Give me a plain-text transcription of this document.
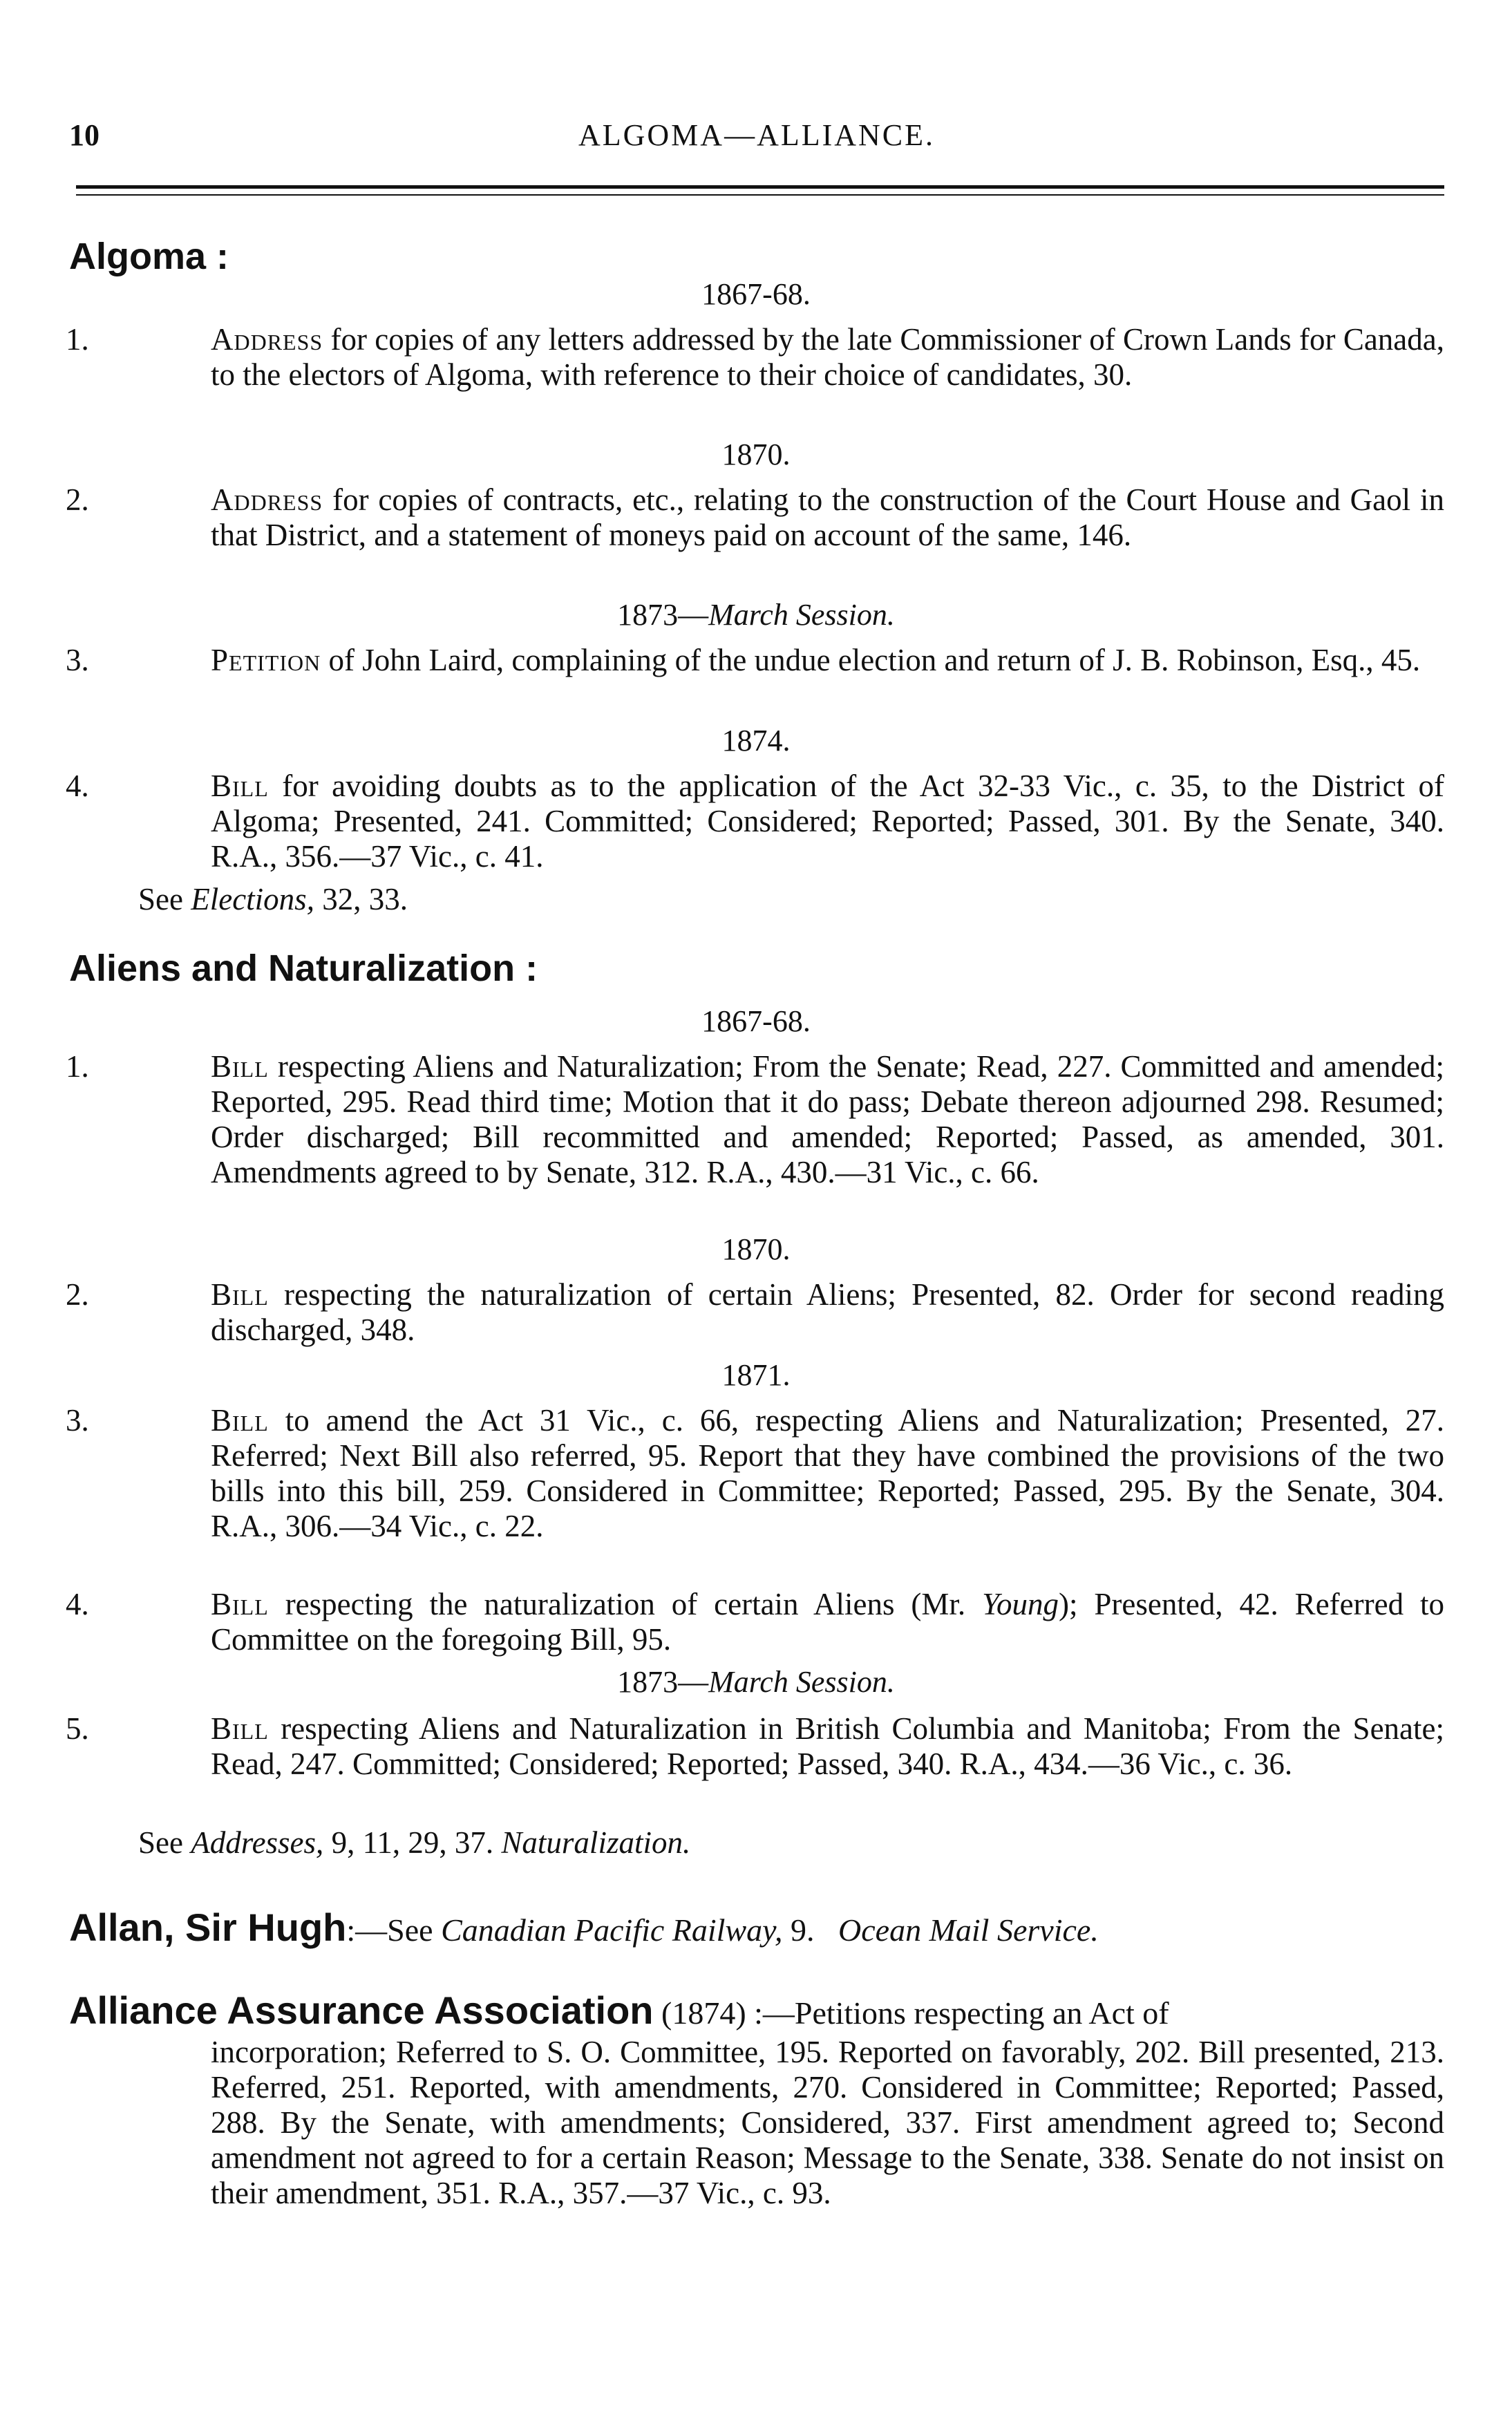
10	ALGOMA—ALLIANCE.
Algoma :
1867-68.
1.	Address for copies of any letters addressed by the late Commissioner of Crown Lands for Canada, to the electors of Algoma, with reference to their choice of candidates, 30.
1870.
2.	Address for copies of contracts, etc., relating to the construction of the Court House and Gaol in that District, and a statement of moneys paid on account of the same, 146.
1873—March Session.
3.	Petition of John Laird, complaining of the undue election and return of J. B. Robinson, Esq., 45.
1874.
4.	Bill for avoiding doubts as to the application of the Act 32-33 Vic., c. 35, to the District of Algoma; Presented, 241. Committed; Considered; Reported; Passed, 301. By the Senate, 340. R.A., 356.—37 Vic., c. 41.
See Elections, 32, 33.
Aliens and Naturalization :
1867-68.
1.	Bill respecting Aliens and Naturalization; From the Senate; Read, 227. Committed and amended; Reported, 295. Read third time; Motion that it do pass; Debate thereon adjourned 298. Resumed; Order discharged; Bill recommitted and amended; Reported; Passed, as amended, 301. Amendments agreed to by Senate, 312. R.A., 430.—31 Vic., c. 66.
1870.
2.	Bill respecting the naturalization of certain Aliens; Presented, 82. Order for second reading discharged, 348.
1871.
3.	Bill to amend the Act 31 Vic., c. 66, respecting Aliens and Naturalization; Presented, 27. Referred; Next Bill also referred, 95. Report that they have combined the provisions of the two bills into this bill, 259. Considered in Committee; Reported; Passed, 295. By the Senate, 304. R.A., 306.—34 Vic., c. 22.
4.	Bill respecting the naturalization of certain Aliens (Mr. Young); Presented, 42. Referred to Committee on the foregoing Bill, 95.
1873—March Session.
5.	Bill respecting Aliens and Naturalization in British Columbia and Manitoba; From the Senate; Read, 247. Committed; Considered; Reported; Passed, 340. R.A., 434.—36 Vic., c. 36.
See Addresses, 9, 11, 29, 37. Naturalization.
Allan, Sir Hugh:—See Canadian Pacific Railway, 9. Ocean Mail Service.
Alliance Assurance Association (1874) :—Petitions respecting an Act of
incorporation; Referred to S. O. Committee, 195. Reported on favorably, 202. Bill presented, 213. Referred, 251. Reported, with amendments, 270. Considered in Committee; Reported; Passed, 288. By the Senate, with amendments; Considered, 337. First amendment agreed to; Second amendment not agreed to for a certain Reason; Message to the Senate, 338. Senate do not insist on their amendment, 351. R.A., 357.—37 Vic., c. 93.
